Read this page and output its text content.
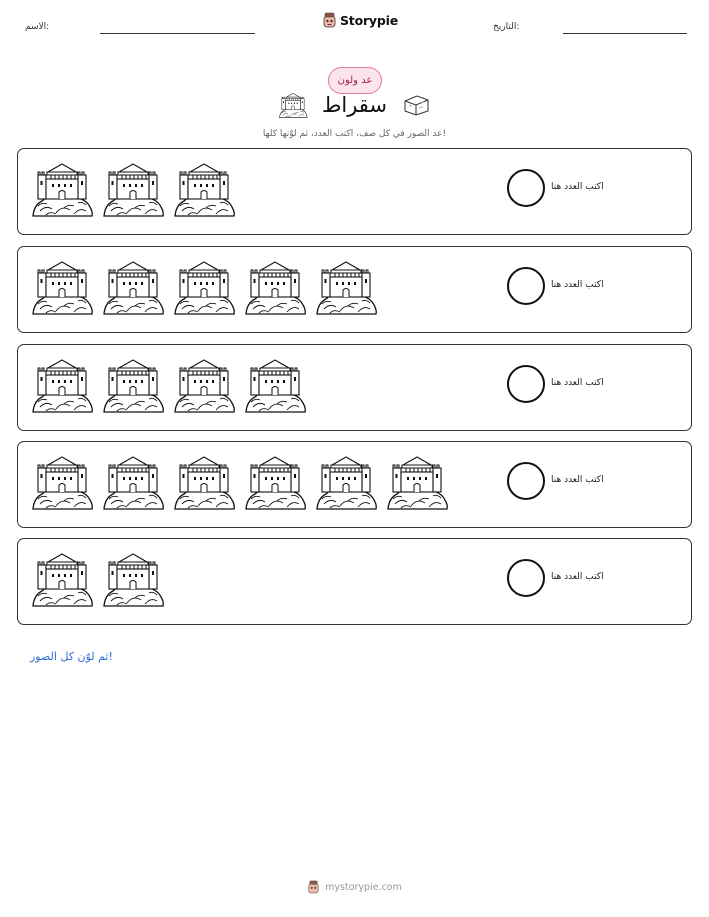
الاسم:	Storypie	التاريخ:
عد ولون
سقراط
عد الصور في كل صف، اكتب العدد، ثم لوّنها كلها!
اكتب العدد هنا
اكتب العدد هنا
اكتب العدد هنا
اكتب العدد هنا
اكتب العدد هنا
ثم لوّن كل الصور!
mystorypie.com
